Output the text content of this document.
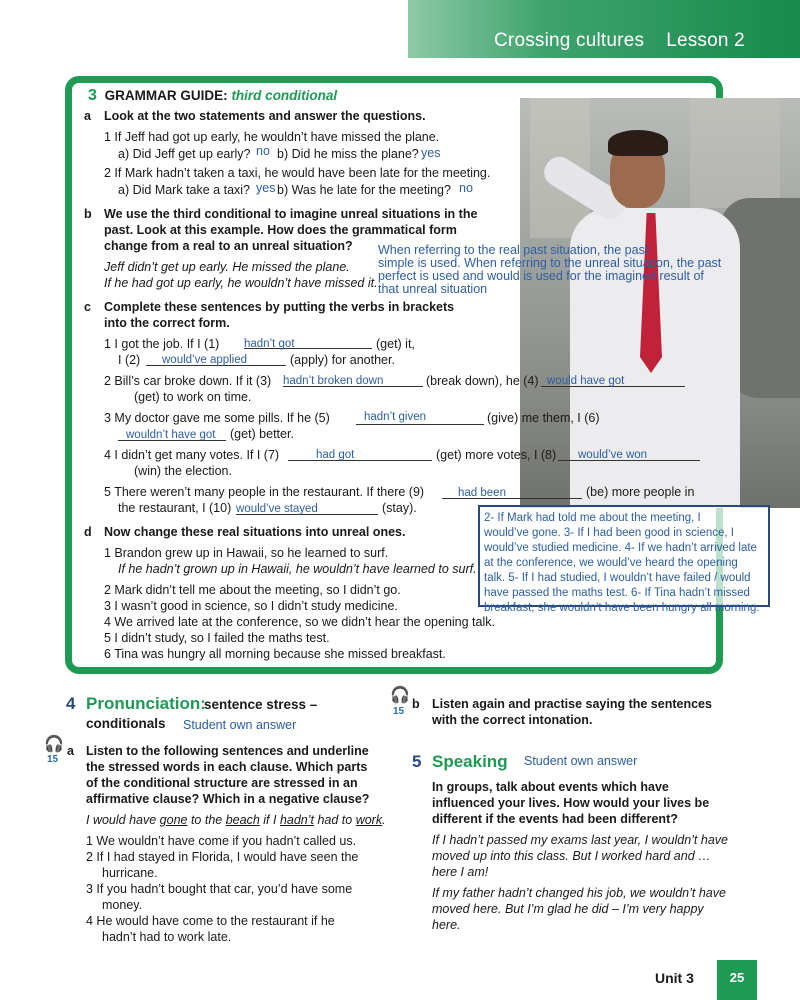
Crossing cultures Lesson 2
3 GRAMMAR GUIDE: third conditional
a Look at the two statements and answer the questions.
1 If Jeff had got up early, he wouldn’t have missed the plane.
a) Did Jeff get up early? no b) Did he miss the plane? yes
2 If Mark hadn’t taken a taxi, he would have been late for the meeting.
a) Did Mark take a taxi? yes b) Was he late for the meeting? no
b We use the third conditional to imagine unreal situations in the
past. Look at this example. How does the grammatical form
change from a real to an unreal situation?
Jeff didn’t get up early. He missed the plane.
If he had got up early, he wouldn’t have missed it.
When referring to the real past situation, the past
simple is used. When referring to the unreal situation, the past
perfect is used and would is used for the imagined result of
that unreal situation
c Complete these sentences by putting the verbs in brackets
into the correct form.
1 I got the job. If I (1) hadn’t got	(get) it,
I (2)	would’ve applied	(apply) for another.
2 Bill’s car broke down. If it (3) hadn’t broken down	(break down), he (4) would have got
(get) to work on time.
3 My doctor gave me some pills. If he (5)	hadn’t given	(give) me them, I (6)
wouldn’t have got	(get) better.
4 I didn’t get many votes. If I (7)	had got	(get) more votes, I (8)	would’ve won
(win) the election.
5 There weren’t many people in the restaurant. If there (9)	had been	(be) more people in
the restaurant, I (10) would’ve stayed	(stay).
d Now change these real situations into unreal ones.
1 Brandon grew up in Hawaii, so he learned to surf.
If he hadn’t grown up in Hawaii, he wouldn’t have learned to surf.
2 Mark didn’t tell me about the meeting, so I didn’t go.
3 I wasn’t good in science, so I didn’t study medicine.
4 We arrived late at the conference, so we didn’t hear the opening talk.
5 I didn’t study, so I failed the maths test.
6 Tina was hungry all morning because she missed breakfast.
2- If Mark had told me about the meeting, I
would’ve gone. 3- If I had been good in science, I
would’ve studied medicine. 4- If we hadn’t arrived late
at the conference, we would’ve heard the opening
talk. 5- If I had studied, I wouldn’t have failed / would
have passed the maths test. 6- If Tina hadn’t missed
breakfast, she wouldn’t have been hungry all morning.
4 Pronunciation:
sentence stress –
conditionals Student own answer
🎧
15
a Listen to the following sentences and underline
the stressed words in each clause. Which parts
of the conditional structure are stressed in an
affirmative clause? Which in a negative clause?
I would have gone to the beach if I hadn’t had to work.
1 We wouldn’t have come if you hadn’t called us.
2 If I had stayed in Florida, I would have seen the
hurricane.
3 If you hadn’t bought that car, you’d have some
money.
4 He would have come to the restaurant if he
hadn’t had to work late.
🎧
15
b Listen again and practise saying the sentences
with the correct intonation.
5 Speaking Student own answer
In groups, talk about events which have
influenced your lives. How would your lives be
different if the events had been different?
If I hadn’t passed my exams last year, I wouldn’t have
moved up into this class. But I worked hard and …
here I am!
If my father hadn’t changed his job, we wouldn’t have
moved here. But I’m glad he did – I’m very happy
here.
Unit 3	25
